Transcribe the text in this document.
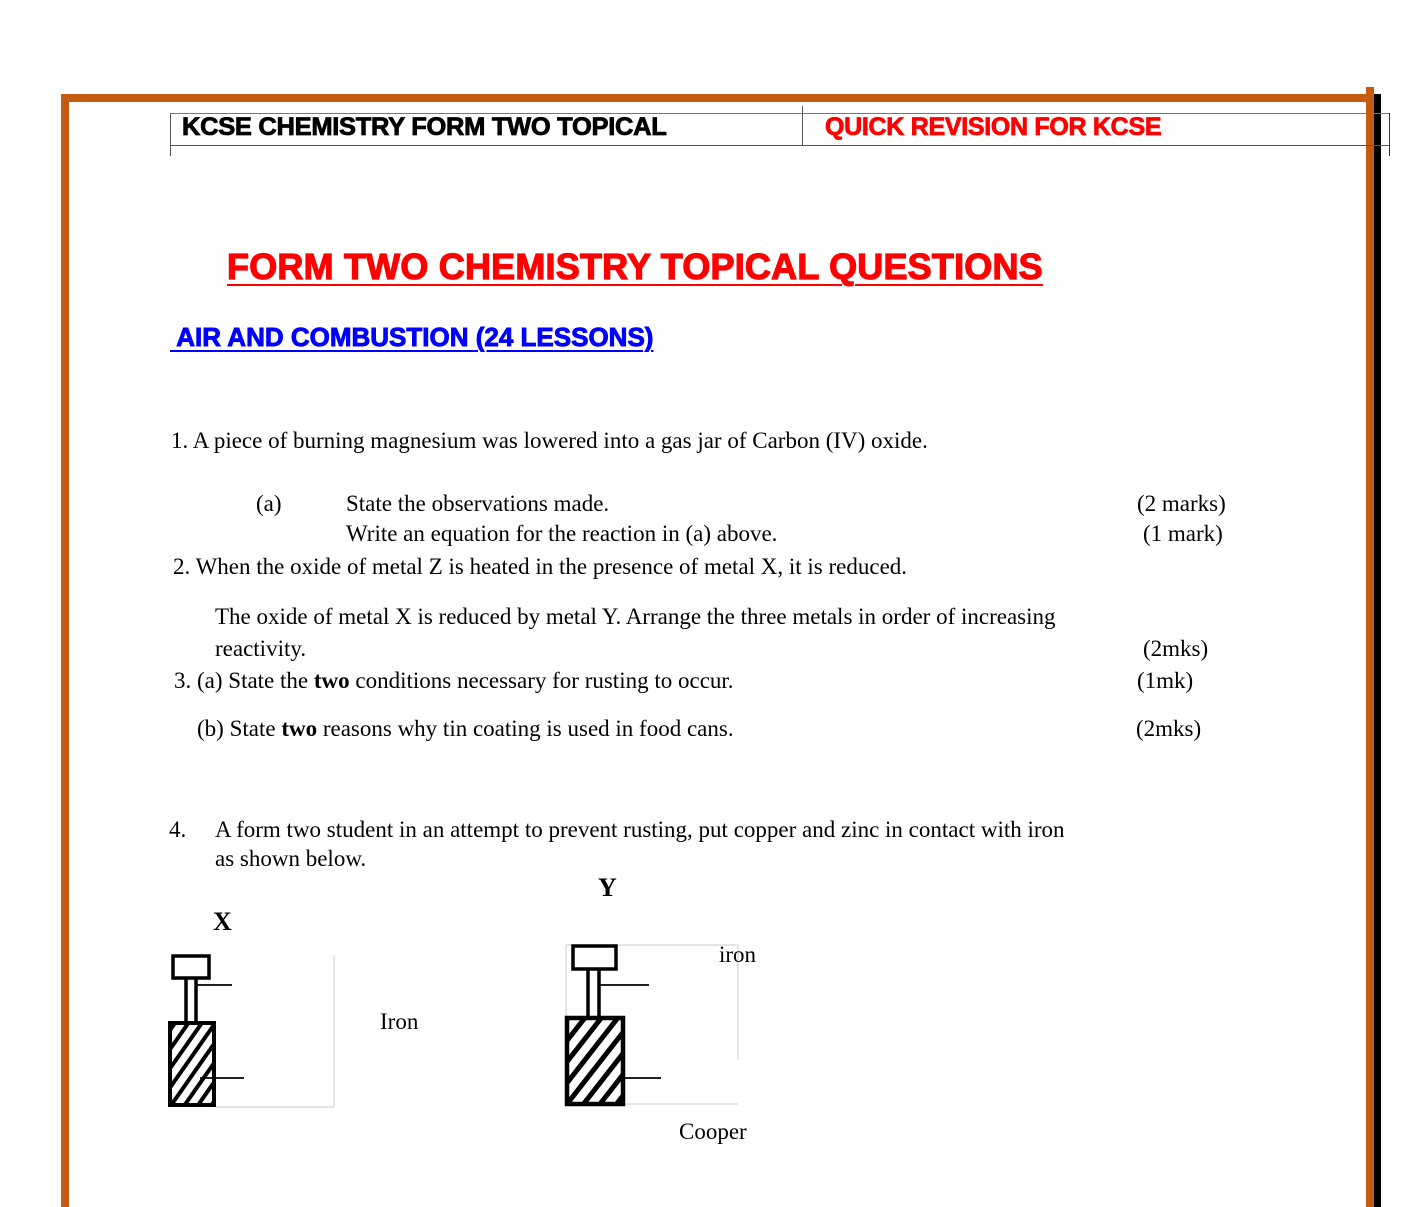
KCSE CHEMISTRY FORM TWO TOPICAL	QUICK REVISION FOR KCSE
FORM TWO CHEMISTRY TOPICAL QUESTIONS
AIR AND COMBUSTION (24 LESSONS)
1. A piece of burning magnesium was lowered into a gas jar of Carbon (IV) oxide.
(a)	State the observations made.	(2 marks)
Write an equation for the reaction in (a) above.	(1 mark)
2. When the oxide of metal Z is heated in the presence of metal X, it is reduced.
The oxide of metal X is reduced by metal Y. Arrange the three metals in order of increasing
reactivity.	(2mks)
3. (a) State the two conditions necessary for rusting to occur.	(1mk)
(b) State two reasons why tin coating is used in food cans.	(2mks)
4. A form two student in an attempt to prevent rusting, put copper and zinc in contact with iron
as shown below.
Y
X
Iron
iron
Cooper
